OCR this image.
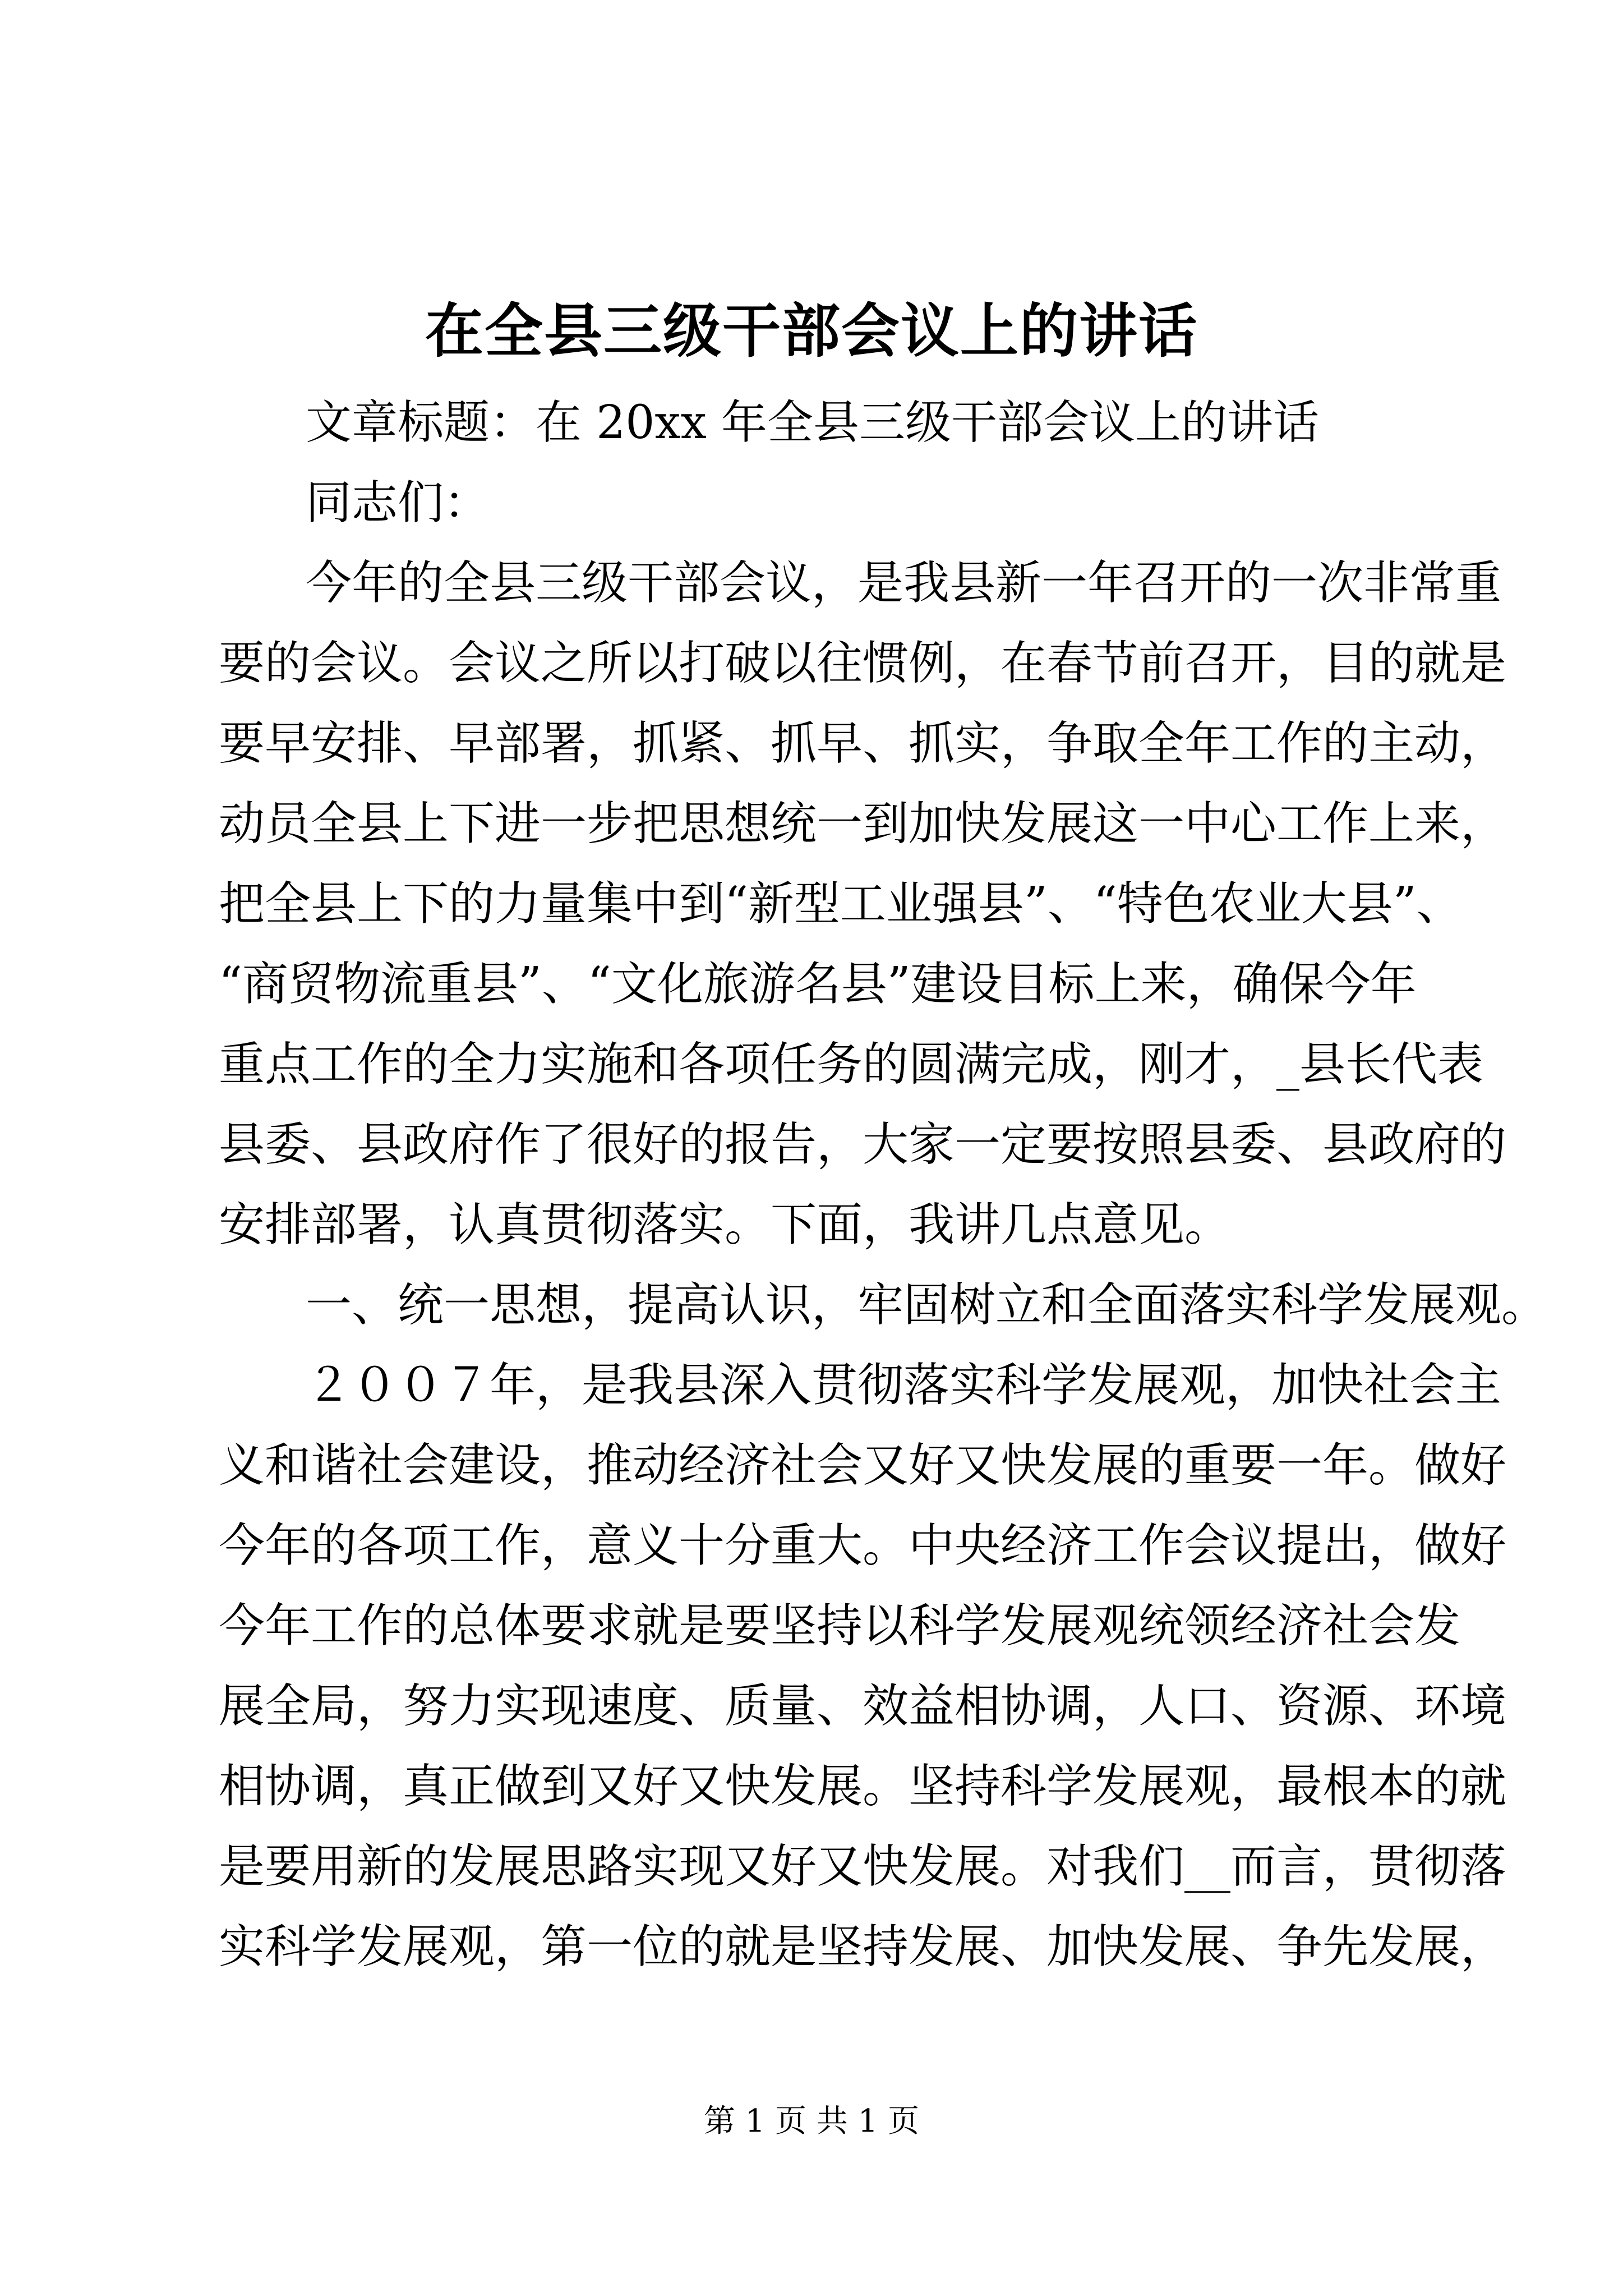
在全县三级干部会议上的讲话
文章标题：在 20xx 年全县三级干部会议上的讲话
同志们：
今年的全县三级干部会议，是我县新一年召开的一次非常重
要的会议。会议之所以打破以往惯例，在春节前召开，目的就是
要早安排、早部署，抓紧、抓早、抓实，争取全年工作的主动，
动员全县上下进一步把思想统一到加快发展这一中心工作上来，
把全县上下的力量集中到“新型工业强县”、“特色农业大县”、
“商贸物流重县”、“文化旅游名县”建设目标上来，确保今年
重点工作的全力实施和各项任务的圆满完成，刚才，_县长代表
县委、县政府作了很好的报告，大家一定要按照县委、县政府的
安排部署，认真贯彻落实。下面，我讲几点意见。
一、统一思想，提高认识，牢固树立和全面落实科学发展观。
２００７年，是我县深入贯彻落实科学发展观，加快社会主
义和谐社会建设，推动经济社会又好又快发展的重要一年。做好
今年的各项工作，意义十分重大。中央经济工作会议提出，做好
今年工作的总体要求就是要坚持以科学发展观统领经济社会发
展全局，努力实现速度、质量、效益相协调，人口、资源、环境
相协调，真正做到又好又快发展。坚持科学发展观，最根本的就
是要用新的发展思路实现又好又快发展。对我们__而言，贯彻落
实科学发展观，第一位的就是坚持发展、加快发展、争先发展，
第 1 页 共 1 页
